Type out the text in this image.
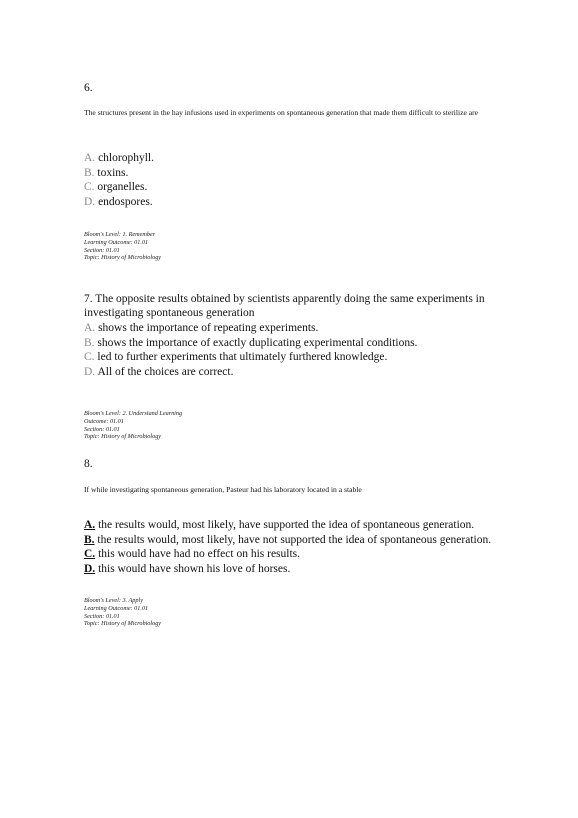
6.
The structures present in the hay infusions used in experiments on spontaneous generation that made them difficult to sterilize are
A. chlorophyll.
B. toxins.
C. organelles.
D. endospores.
Bloom's Level: 1. Remember
Learning Outcome: 01.01
Section: 01.01
Topic: History of Microbiology
7. The opposite results obtained by scientists apparently doing the same experiments in investigating spontaneous generation
A. shows the importance of repeating experiments.
B. shows the importance of exactly duplicating experimental conditions.
C. led to further experiments that ultimately furthered knowledge.
D. All of the choices are correct.
Bloom's Level: 2. Understand Learning
Outcome: 01.01
Section: 01.01
Topic: History of Microbiology
8.
If while investigating spontaneous generation, Pasteur had his laboratory located in a stable
A. the results would, most likely, have supported the idea of spontaneous generation.
B. the results would, most likely, have not supported the idea of spontaneous generation.
C. this would have had no effect on his results.
D. this would have shown his love of horses.
Bloom's Level: 3. Apply
Learning Outcome: 01.01
Section: 01.01
Topic: History of Microbiology
